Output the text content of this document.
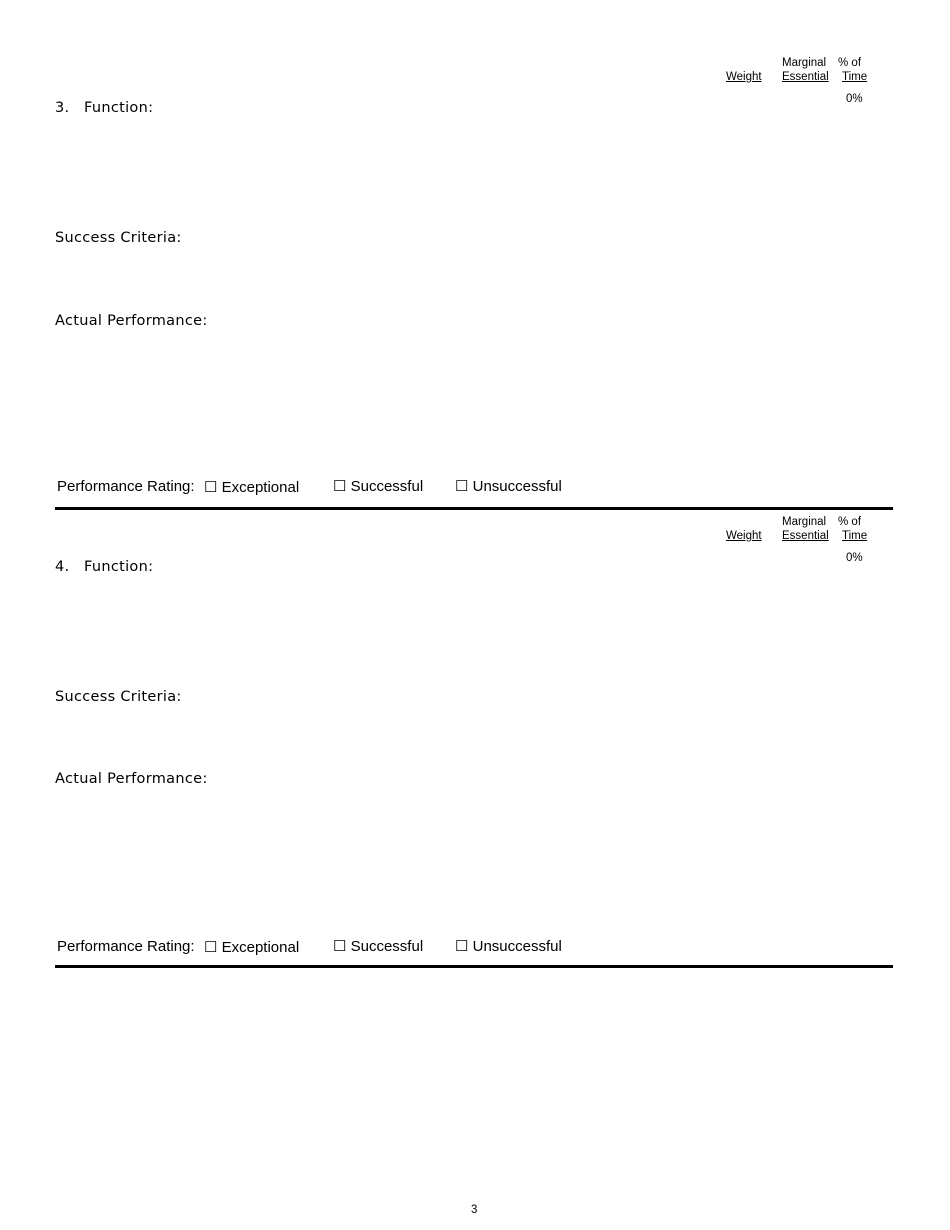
Marginal % of
Weight Essential Time
0%
3. Function:
Success Criteria:
Actual Performance:
Performance Rating: ☐ Exceptional ☐ Successful ☐ Unsuccessful
Marginal % of
Weight Essential Time
0%
4. Function:
Success Criteria:
Actual Performance:
Performance Rating: ☐ Exceptional ☐ Successful ☐ Unsuccessful
3
